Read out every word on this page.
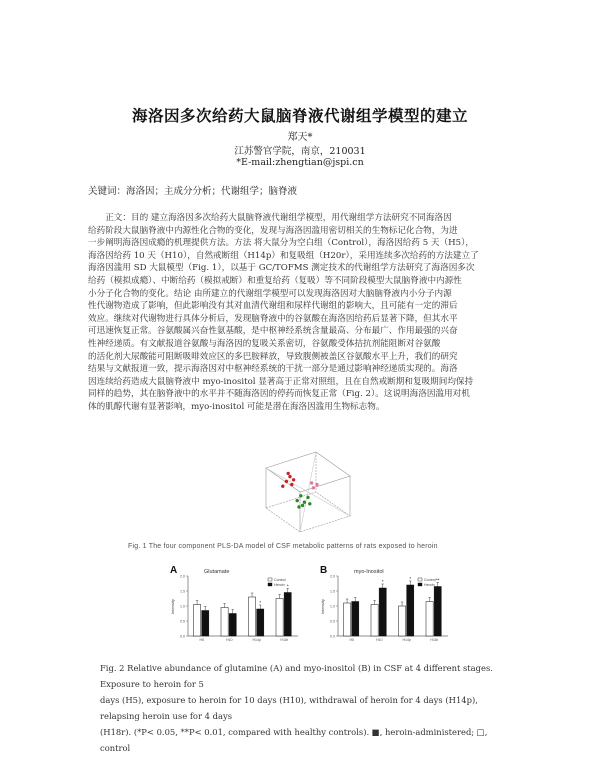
海洛因多次给药大鼠脑脊液代谢组学模型的建立
郑天*
江苏警官学院，南京，210031
*E-mail:zhengtian@jspi.cn
关键词：海洛因；主成分分析；代谢组学；脑脊液

正文：目的 建立海洛因多次给药大鼠脑脊液代谢组学模型，用代谢组学方法研究不同海洛因

给药阶段大鼠脑脊液中内源性化合物的变化，发现与海洛因滥用密切相关的生物标记化合物，为进

一步阐明海洛因成瘾的机理提供方法。方法 将大鼠分为空白组（Control），海洛因给药 5 天（H5），

海洛因给药 10 天（H10），自然戒断组（H14p）和复吸组（H20r），采用连续多次给药的方法建立了

海洛因滥用 SD 大鼠模型（Fig. 1），以基于 GC/TOFMS 测定技术的代谢组学方法研究了海洛因多次

给药（模拟成瘾）、中断给药（模拟戒断）和重复给药（复吸）等不同阶段模型大鼠脑脊液中内源性

小分子化合物的变化。结论 由所建立的代谢组学模型可以发现海洛因对大脑脑脊液内小分子内源

性代谢物造成了影响，但此影响没有其对血清代谢组和尿样代谢组的影响大，且可能有一定的滞后

效应。继续对代谢物进行具体分析后，发现脑脊液中的谷氨酸在海洛因给药后显著下降，但其水平

可迅速恢复正常。谷氨酸属兴奋性氨基酸，是中枢神经系统含量最高、分布最广、作用最强的兴奋

性神经递质。有文献报道谷氨酸与海洛因的复吸关系密切，谷氨酸受体拮抗剂能阻断对谷氨酸

的活化剂大尿酸能可阻断吸啡效应区的多巴胺释放，导致腹侧被盖区谷氨酸水平上升，我们的研究

结果与文献报道一致，提示海洛因对中枢神经系统的干扰一部分是通过影响神经递质实现的。海洛

因连续给药造成大鼠脑脊液中 myo-inositol 显著高于正常对照组，且在自然戒断期和复吸期间均保持

同样的趋势，其在脑脊液中的水平并不随海洛因的停药而恢复正常（Fig. 2）。这说明海洛因滥用对机

体的肌醇代谢有显著影响，myo-inositol 可能是潜在海洛因滥用生物标志物。

Fig. 1 The four component PLS-DA model of CSF metabolic patterns of rats exposed to heroin
A	Glutamate
Intensity
0.0
0.5
1.0
1.5
2.0
H5	H10	H14p	H18r
Control
Heroin
*
*
B	myo-Inositol
Intensity
0.0
0.5
1.0
1.5
2.0
H5	H10	H14p	H18r
Control
Heroin
*
*	**
Fig. 2 Relative abundance of glutamine (A) and myo-inositol (B) in CSF at 4 different stages. Exposure to heroin for 5
days (H5), exposure to heroin for 10 days (H10), withdrawal of heroin for 4 days (H14p), relapsing heroin use for 4 days
(H18r). (*P< 0.05, **P< 0.01, compared with healthy controls). ■, heroin-administered; □, control
